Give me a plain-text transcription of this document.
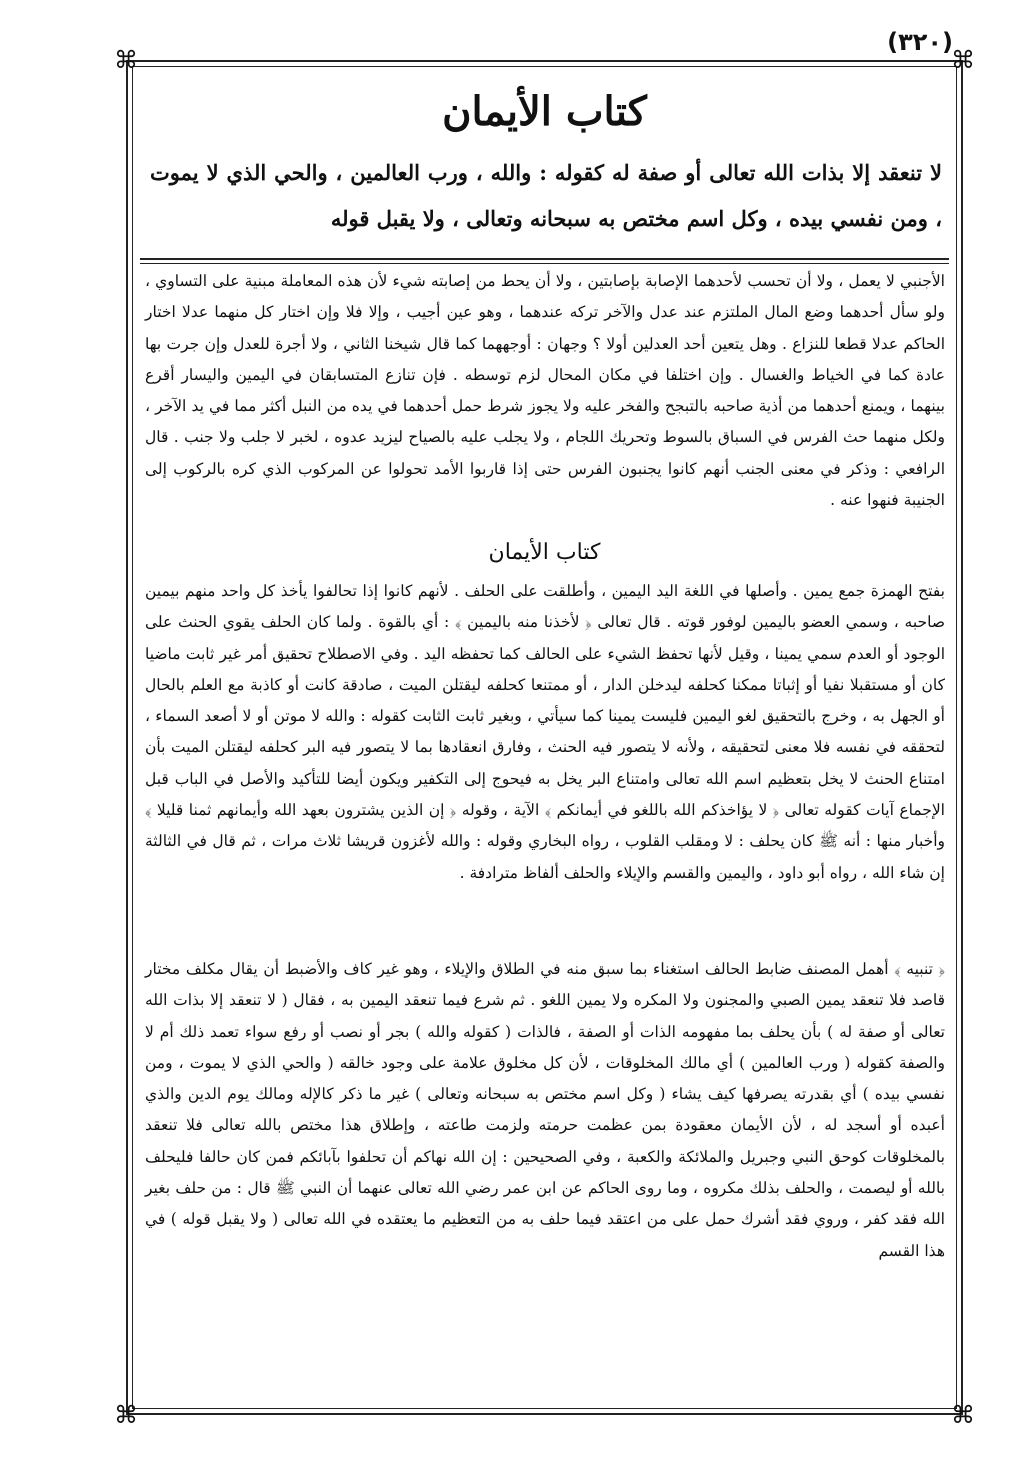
(٣٢٠)
⌘	⌘
⌘	⌘
كتاب الأيمان
لا تنعقد إلا بذات الله تعالى أو صفة له كقوله : والله ، ورب العالمين ، والحي الذي لا يموت ، ومن نفسي بيده ، وكل اسم مختص به سبحانه وتعالى ، ولا يقبل قوله

الأجنبي لا يعمل ، ولا أن تحسب لأحدهما الإصابة بإصابتين ، ولا أن يحط من إصابته شيء لأن هذه المعاملة مبنية على التساوي ، ولو سأل أحدهما وضع المال الملتزم عند عدل والآخر تركه عندهما ، وهو عين أجيب ، وإلا فلا وإن اختار كل منهما عدلا اختار الحاكم عدلا قطعا للنزاع . وهل يتعين أحد العدلين أولا ؟ وجهان : أوجههما كما قال شيخنا الثاني ، ولا أجرة للعدل وإن جرت بها عادة كما في الخياط والغسال . وإن اختلفا في مكان المحال لزم توسطه . فإن تنازع المتسابقان في اليمين واليسار أقرع بينهما ، ويمنع أحدهما من أذية صاحبه بالتبجح والفخر عليه ولا يجوز شرط حمل أحدهما في يده من النبل أكثر مما في يد الآخر ، ولكل منهما حث الفرس في السباق بالسوط وتحريك اللجام ، ولا يجلب عليه بالصياح ليزيد عدوه ، لخبر لا جلب ولا جنب . قال الرافعي : وذكر في معنى الجنب أنهم كانوا يجنبون الفرس حتى إذا قاربوا الأمد تحولوا عن المركوب الذي كره بالركوب إلى الجنيبة فنهوا عنه .

كتاب الأيمان

بفتح الهمزة جمع يمين . وأصلها في اللغة اليد اليمين ، وأطلقت على الحلف . لأنهم كانوا إذا تحالفوا يأخذ كل واحد منهم بيمين صاحبه ، وسمي العضو باليمين لوفور قوته . قال تعالى ﴿ لأخذنا منه باليمين ﴾ : أي بالقوة . ولما كان الحلف يقوي الحنث على الوجود أو العدم سمي يمينا ، وقيل لأنها تحفظ الشيء على الحالف كما تحفظه اليد . وفي الاصطلاح تحقيق أمر غير ثابت ماضيا كان أو مستقبلا نفيا أو إثباتا ممكنا كحلفه ليدخلن الدار ، أو ممتنعا كحلفه ليقتلن الميت ، صادقة كانت أو كاذبة مع العلم بالحال أو الجهل به ، وخرج بالتحقيق لغو اليمين فليست يمينا كما سيأتي ، وبغير ثابت الثابت كقوله : والله لا موتن أو لا أصعد السماء ، لتحققه في نفسه فلا معنى لتحقيقه ، ولأنه لا يتصور فيه الحنث ، وفارق انعقادها بما لا يتصور فيه البر كحلفه ليقتلن الميت بأن امتناع الحنث لا يخل بتعظيم اسم الله تعالى وامتناع البر يخل به فيحوج إلى التكفير ويكون أيضا للتأكيد والأصل في الباب قبل الإجماع آيات كقوله تعالى ﴿ لا يؤاخذكم الله باللغو في أيمانكم ﴾ الآية ، وقوله ﴿ إن الذين يشترون بعهد الله وأيمانهم ثمنا قليلا ﴾ وأخبار منها : أنه ﷺ كان يحلف : لا ومقلب القلوب ، رواه البخاري وقوله : والله لأغزون قريشا ثلاث مرات ، ثم قال في الثالثة إن شاء الله ، رواه أبو داود ، واليمين والقسم والإيلاء والحلف ألفاظ مترادفة .

﴿ تنبيه ﴾ أهمل المصنف ضابط الحالف استغناء بما سبق منه في الطلاق والإيلاء ، وهو غير كاف والأضبط أن يقال مكلف مختار قاصد فلا تنعقد يمين الصبي والمجنون ولا المكره ولا يمين اللغو . ثم شرع فيما تنعقد اليمين به ، فقال ( لا تنعقد إلا بذات الله تعالى أو صفة له ) بأن يحلف بما مفهومه الذات أو الصفة ، فالذات ( كقوله والله ) بجر أو نصب أو رفع سواء تعمد ذلك أم لا والصفة كقوله ( ورب العالمين ) أي مالك المخلوقات ، لأن كل مخلوق علامة على وجود خالقه ( والحي الذي لا يموت ، ومن نفسي بيده ) أي بقدرته يصرفها كيف يشاء ( وكل اسم مختص به سبحانه وتعالى ) غير ما ذكر كالإله ومالك يوم الدين والذي أعبده أو أسجد له ، لأن الأيمان معقودة بمن عظمت حرمته ولزمت طاعته ، وإطلاق هذا مختص بالله تعالى فلا تنعقد بالمخلوقات كوحق النبي وجبريل والملائكة والكعبة ، وفي الصحيحين : إن الله نهاكم أن تحلفوا بآبائكم فمن كان حالفا فليحلف بالله أو ليصمت ، والحلف بذلك مكروه ، وما روى الحاكم عن ابن عمر رضي الله تعالى عنهما أن النبي ﷺ قال : من حلف بغير الله فقد كفر ، وروي فقد أشرك حمل على من اعتقد فيما حلف به من التعظيم ما يعتقده في الله تعالى ( ولا يقبل قوله ) في هذا القسم
